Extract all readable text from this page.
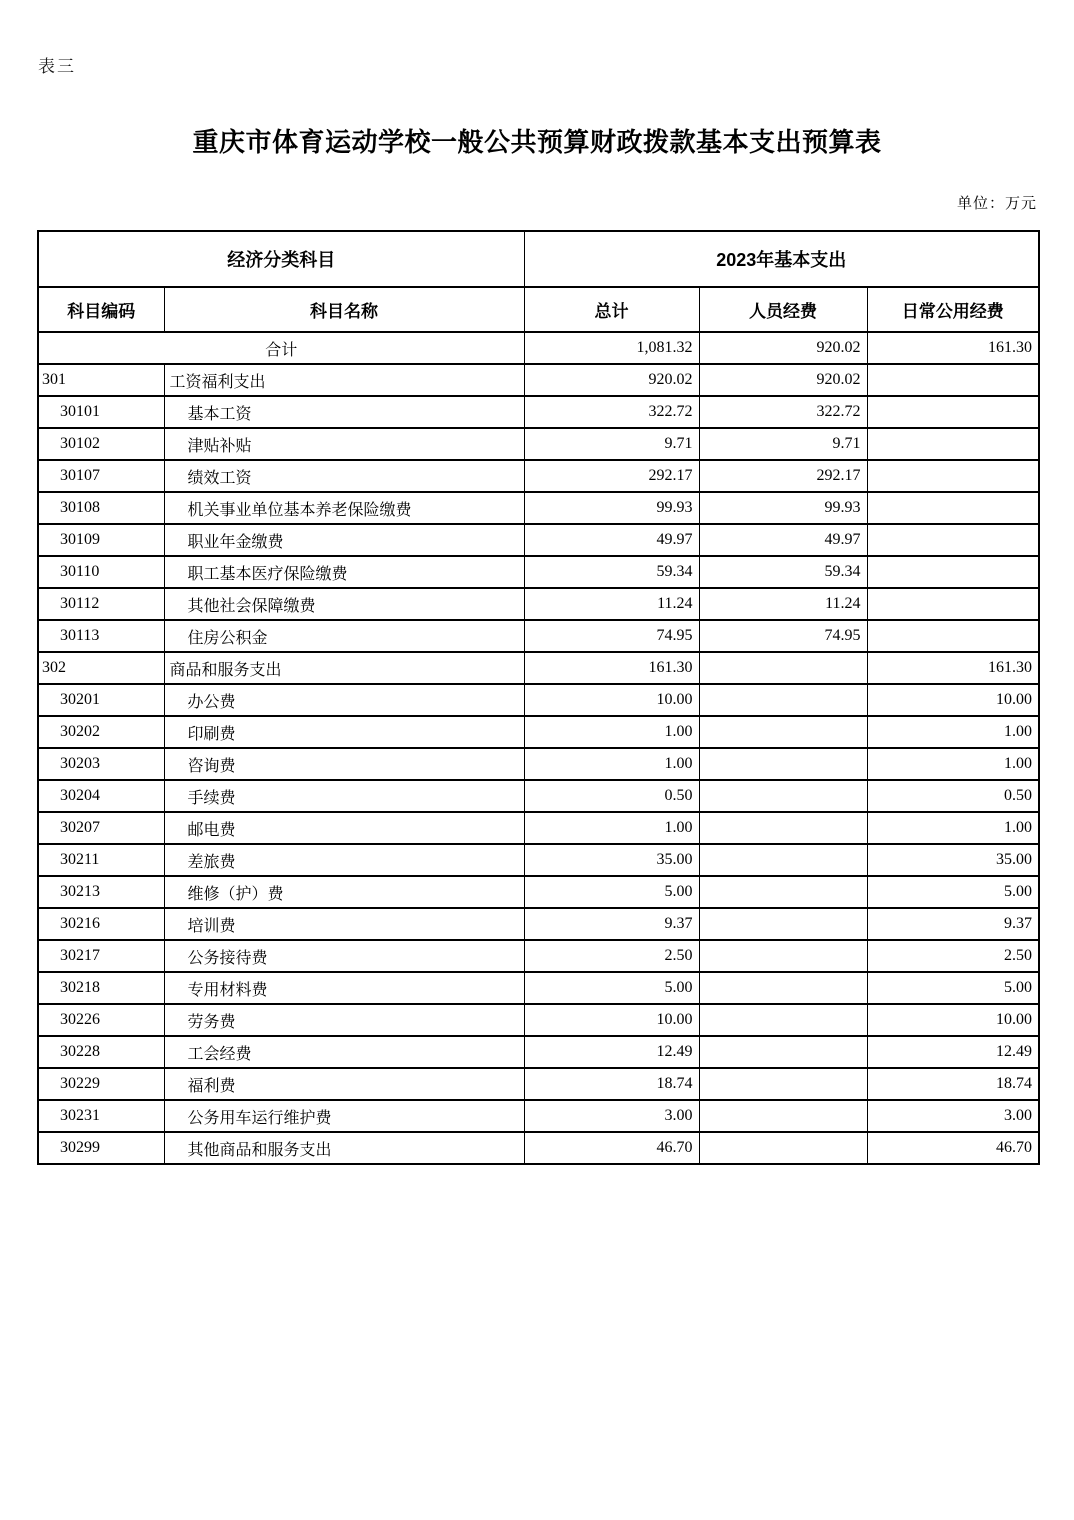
表三
重庆市体育运动学校一般公共预算财政拨款基本支出预算表
单位：万元
经济分类科目		2023年基本支出		
科目编码	科目名称	总计	人员经费	日常公用经费
合计		1,081.32	920.02	161.30
301	工资福利支出	920.02	920.02	
30101	基本工资	322.72	322.72	
30102	津贴补贴	9.71	9.71	
30107	绩效工资	292.17	292.17	
30108	机关事业单位基本养老保险缴费	99.93	99.93	
30109	职业年金缴费	49.97	49.97	
30110	职工基本医疗保险缴费	59.34	59.34	
30112	其他社会保障缴费	11.24	11.24	
30113	住房公积金	74.95	74.95	
302	商品和服务支出	161.30		161.30
30201	办公费	10.00		10.00
30202	印刷费	1.00		1.00
30203	咨询费	1.00		1.00
30204	手续费	0.50		0.50
30207	邮电费	1.00		1.00
30211	差旅费	35.00		35.00
30213	维修（护）费	5.00		5.00
30216	培训费	9.37		9.37
30217	公务接待费	2.50		2.50
30218	专用材料费	5.00		5.00
30226	劳务费	10.00		10.00
30228	工会经费	12.49		12.49
30229	福利费	18.74		18.74
30231	公务用车运行维护费	3.00		3.00
30299	其他商品和服务支出	46.70		46.70
